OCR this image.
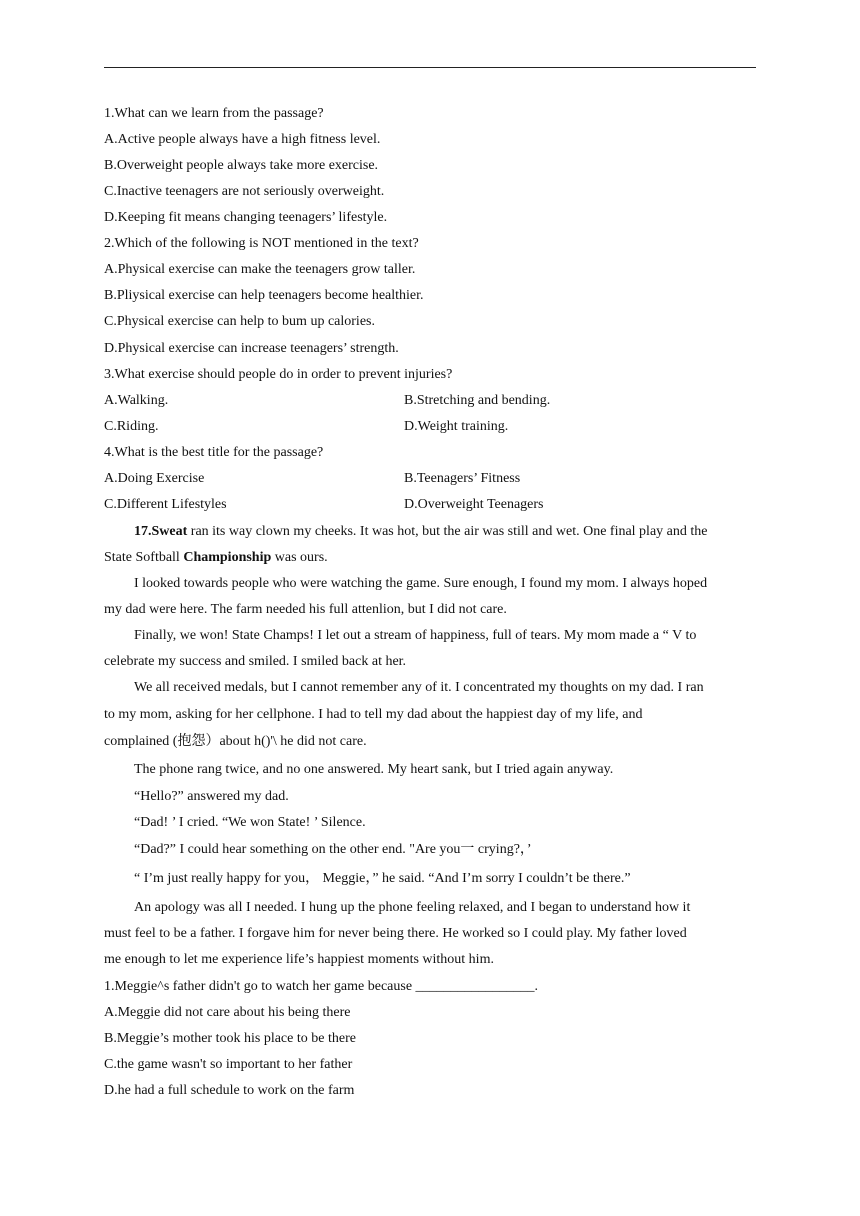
1.What can we learn from the passage?
A.Active people always have a high fitness level.
B.Overweight people always take more exercise.
C.Inactive teenagers are not seriously overweight.
D.Keeping fit means changing teenagers’ lifestyle.
2.Which of the following is NOT mentioned in the text?
A.Physical exercise can make the teenagers grow taller.
B.Pliysical exercise can help teenagers become healthier.
C.Physical exercise can help to bum up calories.
D.Physical exercise can increase teenagers’ strength.
3.What exercise should people do in order to prevent injuries?
A.Walking.	B.Stretching and bending.
C.Riding.	D.Weight training.
4.What is the best title for the passage?
A.Doing Exercise	B.Teenagers’ Fitness
C.Different Lifestyles	D.Overweight Teenagers
17.Sweat ran its way clown my cheeks. It was hot, but the air was still and wet. One final play and the
State Softball Championship was ours.
I looked towards people who were watching the game. Sure enough, I found my mom. I always hoped
my dad were here. The farm needed his full attenlion, but I did not care.
Finally, we won! State Champs! I let out a stream of happiness, full of tears. My mom made a “ V to
celebrate my success and smiled. I smiled back at her.
We all received medals, but I cannot remember any of it. I concentrated my thoughts on my dad. I ran
to my mom, asking for her cellphone. I had to tell my dad about the happiest day of my life, and
complained (抱怨）about h()'\ he did not care.
The phone rang twice, and no one answered. My heart sank, but I tried again anyway.
“Hello?” answered my dad.
“Dad! ’ I cried. “We won State! ’ Silence.
“Dad?” I could hear something on the other end. "Are you一 crying?，’
“ I’m just really happy for you， Meggie，” he said. “And I’m sorry I couldn’t be there.”
An apology was all I needed. I hung up the phone feeling relaxed, and I began to understand how it
must feel to be a father. I forgave him for never being there. He worked so I could play. My father loved
me enough to let me experience life’s happiest moments without him.
1.Meggie^s father didn't go to watch her game because _________________.
A.Meggie did not care about his being there
B.Meggie’s mother took his place to be there
C.the game wasn't so important to her father
D.he had a full schedule to work on the farm
